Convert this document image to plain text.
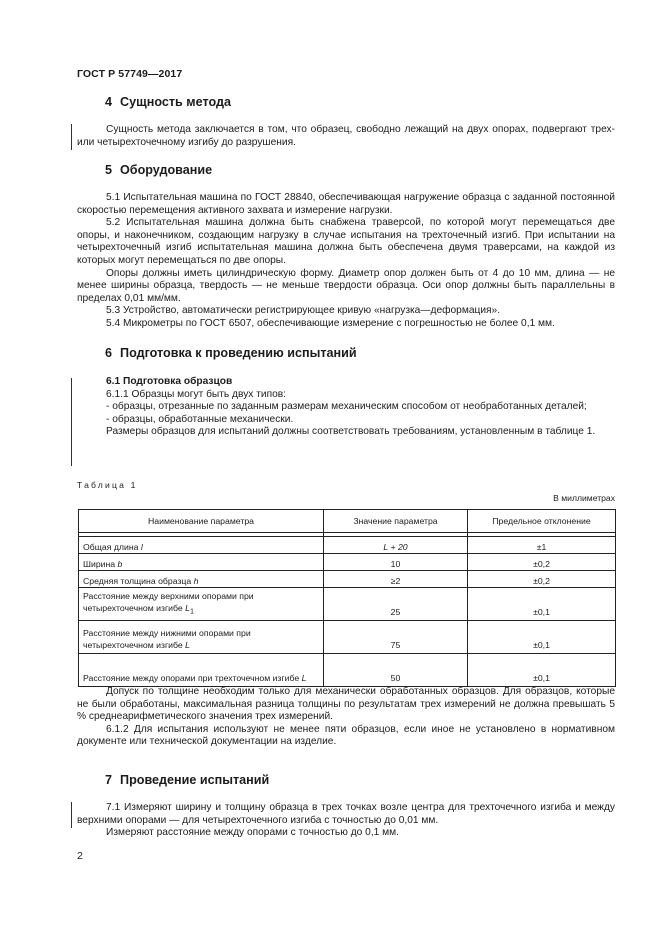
ГОСТ Р 57749—2017
4 Сущность метода

Сущность метода заключается в том, что образец, свободно лежащий на двух опорах, подвергают трех- или четырехточечному изгибу до разрушения.

5 Оборудование

5.1 Испытательная машина по ГОСТ 28840, обеспечивающая нагружение образца с заданной постоянной скоростью перемещения активного захвата и измерение нагрузки.

5.2 Испытательная машина должна быть снабжена траверсой, по которой могут перемещаться две опоры, и наконечником, создающим нагрузку в случае испытания на трехточечный изгиб. При испытании на четырехточечный изгиб испытательная машина должна быть обеспечена двумя траверсами, на каждой из которых могут перемещаться по две опоры.

Опоры должны иметь цилиндрическую форму. Диаметр опор должен быть от 4 до 10 мм, длина — не менее ширины образца, твердость — не меньше твердости образца. Оси опор должны быть параллельны в пределах 0,01 мм/мм.

5.3 Устройство, автоматически регистрирующее кривую «нагрузка—деформация».

5.4 Микрометры по ГОСТ 6507, обеспечивающие измерение с погрешностью не более 0,1 мм.

6 Подготовка к проведению испытаний

6.1 Подготовка образцов

6.1.1 Образцы могут быть двух типов:

- образцы, отрезанные по заданным размерам механическим способом от необработанных деталей;

- образцы, обработанные механически.

Размеры образцов для испытаний должны соответствовать требованиям, установленным в таблице 1.

Таблица 1
В миллиметрах
Наименование параметра	Значение параметра	Предельное отклонение

Общая длина l	L + 20	±1
Ширина b	10	±0,2
Средняя толщина образца h	≥2	±0,2
Расстояние между верхними опорами при четырехточечном изгибе $L_1$	25	±0,1
Расстояние между нижними опорами при четырехточечном изгибе L	75	±0,1
Расстояние между опорами при трехточечном изгибе L	50	±0,1

Допуск по толщине необходим только для механически обработанных образцов. Для образцов, которые не были обработаны, максимальная разница толщины по результатам трех измерений не должна превышать 5 % среднеарифметического значения трех измерений.

6.1.2 Для испытания используют не менее пяти образцов, если иное не установлено в нормативном документе или технической документации на изделие.

7 Проведение испытаний

7.1 Измеряют ширину и толщину образца в трех точках возле центра для трехточечного изгиба и между верхними опорами — для четырехточечного изгиба с точностью до 0,01 мм.

Измеряют расстояние между опорами с точностью до 0,1 мм.

2
